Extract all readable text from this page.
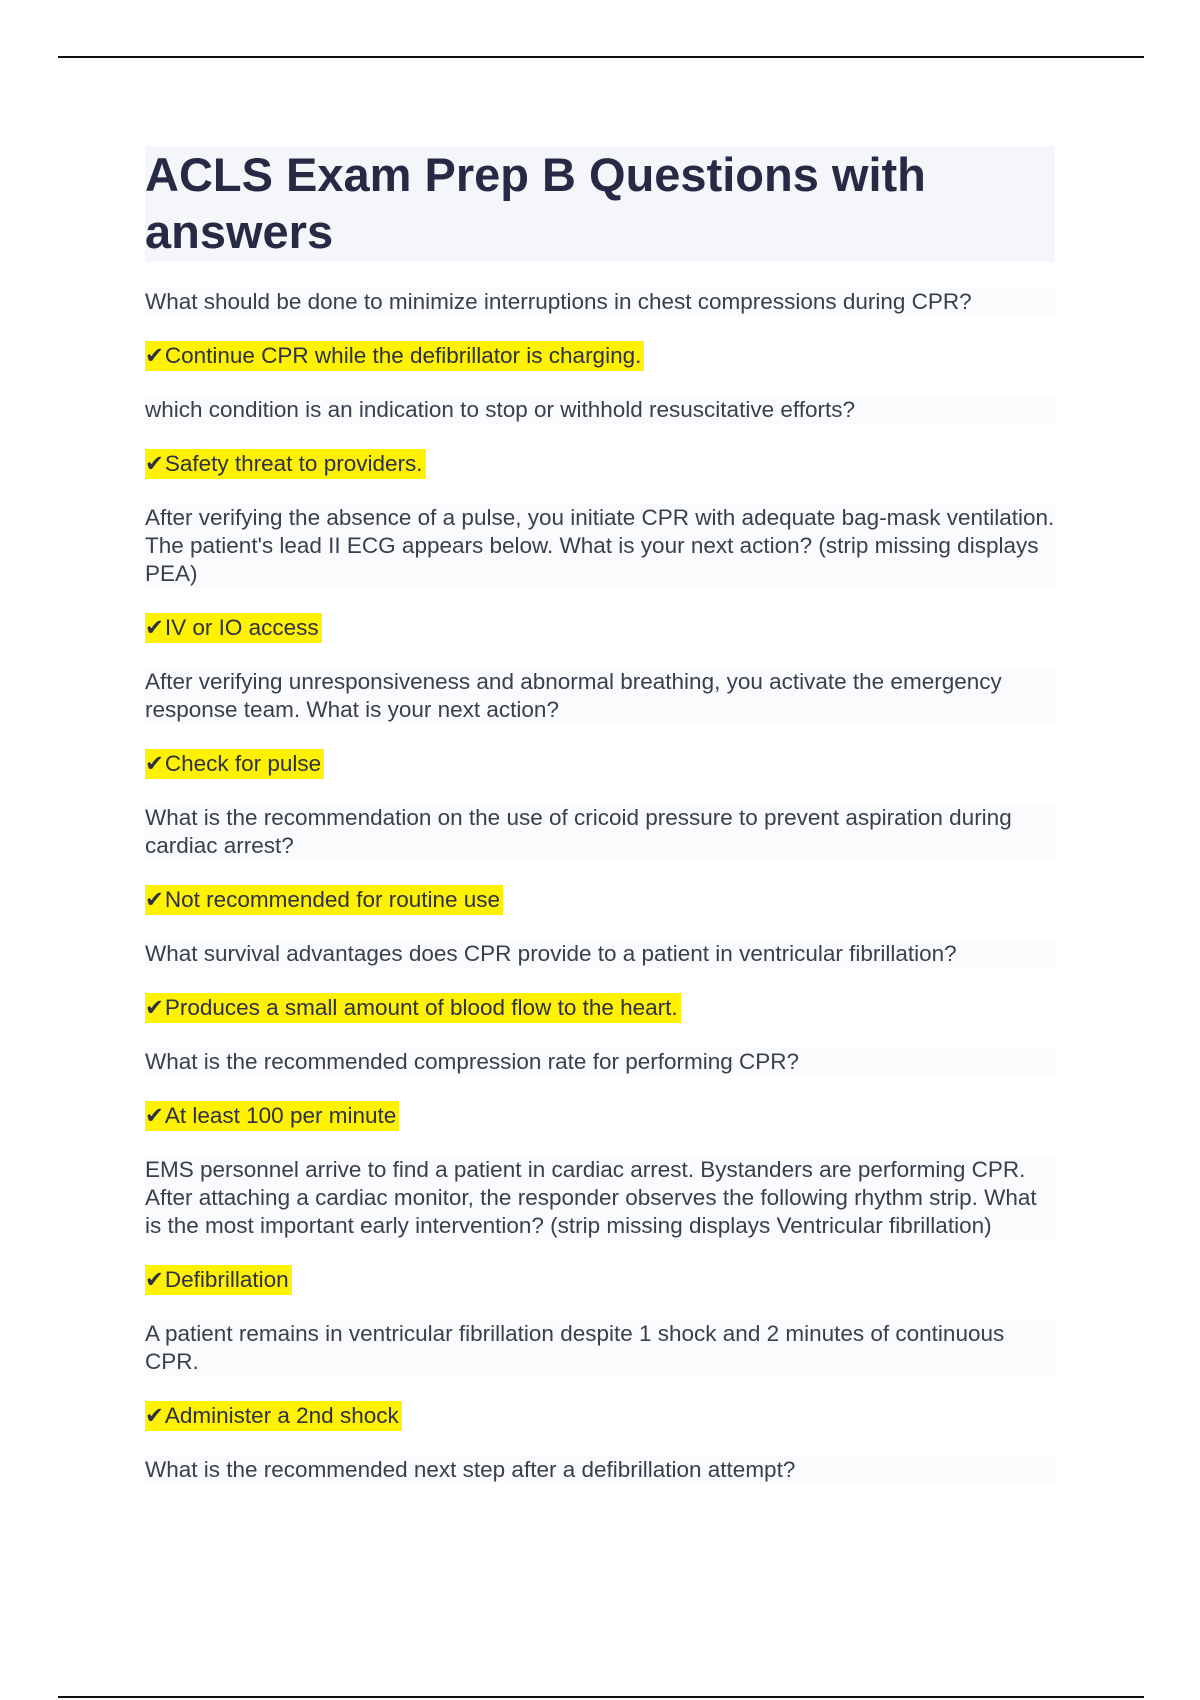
ACLS Exam Prep B Questions with answers

What should be done to minimize interruptions in chest compressions during CPR?

✔Continue CPR while the defibrillator is charging.

which condition is an indication to stop or withhold resuscitative efforts?

✔Safety threat to providers.

After verifying the absence of a pulse, you initiate CPR with adequate bag-mask ventilation. The patient's lead II ECG appears below. What is your next action? (strip missing displays PEA)

✔IV or IO access

After verifying unresponsiveness and abnormal breathing, you activate the emergency response team. What is your next action?

✔Check for pulse

What is the recommendation on the use of cricoid pressure to prevent aspiration during cardiac arrest?

✔Not recommended for routine use

What survival advantages does CPR provide to a patient in ventricular fibrillation?

✔Produces a small amount of blood flow to the heart.

What is the recommended compression rate for performing CPR?

✔At least 100 per minute

EMS personnel arrive to find a patient in cardiac arrest. Bystanders are performing CPR. After attaching a cardiac monitor, the responder observes the following rhythm strip. What is the most important early intervention? (strip missing displays Ventricular fibrillation)

✔Defibrillation

A patient remains in ventricular fibrillation despite 1 shock and 2 minutes of continuous CPR.

✔Administer a 2nd shock

What is the recommended next step after a defibrillation attempt?
